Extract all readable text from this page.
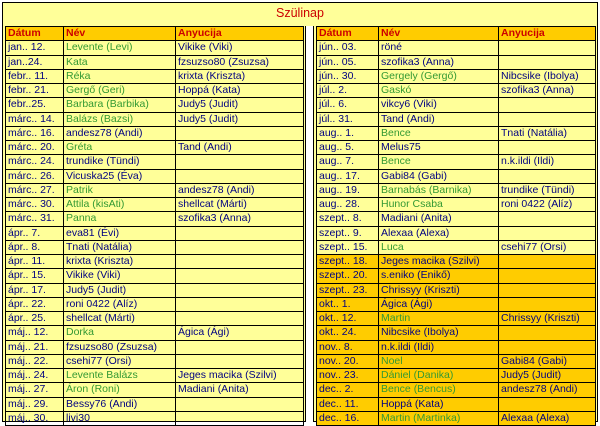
Szülinap
Dátum	Név	Anyucija
jan.. 12.	Levente (Levi)	Vikike (Viki)
jan..24.	Kata	fzsuzso80 (Zsuzsa)
febr.. 11.	Réka	krixta (Kriszta)
febr.. 21.	Gergő (Geri)	Hoppá (Kata)
febr..25.	Barbara (Barbika)	Judy5 (Judit)
márc.. 14.	Balázs (Bazsi)	Judy5 (Judit)
márc.. 16.	andesz78 (Andi)	
márc.. 20.	Gréta	Tand (Andi)
márc.. 24.	trundike (Tündi)	
márc.. 26.	Vicuska25 (Éva)	
márc.. 27.	Patrik	andesz78 (Andi)
márc.. 30.	Attila (kisAti)	shellcat (Márti)
márc.. 31.	Panna	szofika3 (Anna)
ápr.. 7.	eva81 (Évi)	
ápr.. 8.	Tnati (Natália)	
ápr.. 11.	krixta (Kriszta)	
ápr.. 15.	Vikike (Viki)	
ápr.. 17.	Judy5 (Judit)	
ápr.. 22.	roni 0422 (Alíz)	
ápr.. 25.	shellcat (Márti)	
máj.. 12.	Dorka	Ágica (Ági)
máj.. 21.	fzsuzso80 (Zsuzsa)	
máj.. 22.	csehi77 (Orsi)	
máj.. 24.	Levente Balázs	Jeges macika (Szilvi)
máj.. 27.	Áron (Roni)	Madiani (Anita)
máj.. 29.	Bessy76 (Andi)	
máj.. 30.	livi30	
Dátum	Név	Anyucija
jún.. 03.	röné	
jún.. 05.	szofika3 (Anna)	
jún.. 30.	Gergely (Gergő)	Nibcsike (Ibolya)
júl.. 2.	Gaskó	szofika3 (Anna)
júl.. 6.	vikcy6 (Viki)	
júl.. 31.	Tand (Andi)	
aug.. 1.	Bence	Tnati (Natália)
aug.. 5.	Melus75	
aug.. 7.	Bence	n.k.ildi (Ildi)
aug.. 17.	Gabi84 (Gabi)	
aug.. 19.	Barnabás (Barnika)	trundike (Tündi)
aug.. 28.	Hunor Csaba	roni 0422 (Alíz)
szept.. 8.	Madiani (Anita)	
szept.. 9.	Alexaa (Alexa)	
szept.. 15.	Luca	csehi77 (Orsi)
szept.. 18.	Jeges macika (Szilvi)	
szept.. 20.	s.eniko (Enikő)	
szept.. 23.	Chrissyy (Kriszti)	
okt.. 1.	Ágica (Ági)	
okt.. 12.	Martin	Chrissyy (Kriszti)
okt.. 24.	Nibcsike (Ibolya)	
nov.. 8.	n.k.ildi (Ildi)	
nov.. 20.	Noel	Gabi84 (Gabi)
nov.. 23.	Dániel (Danika)	Judy5 (Judit)
dec.. 2.	Bence (Bencus)	andesz78 (Andi)
dec.. 11.	Hoppá (Kata)	
dec.. 16.	Martin (Martinka)	Alexaa (Alexa)
